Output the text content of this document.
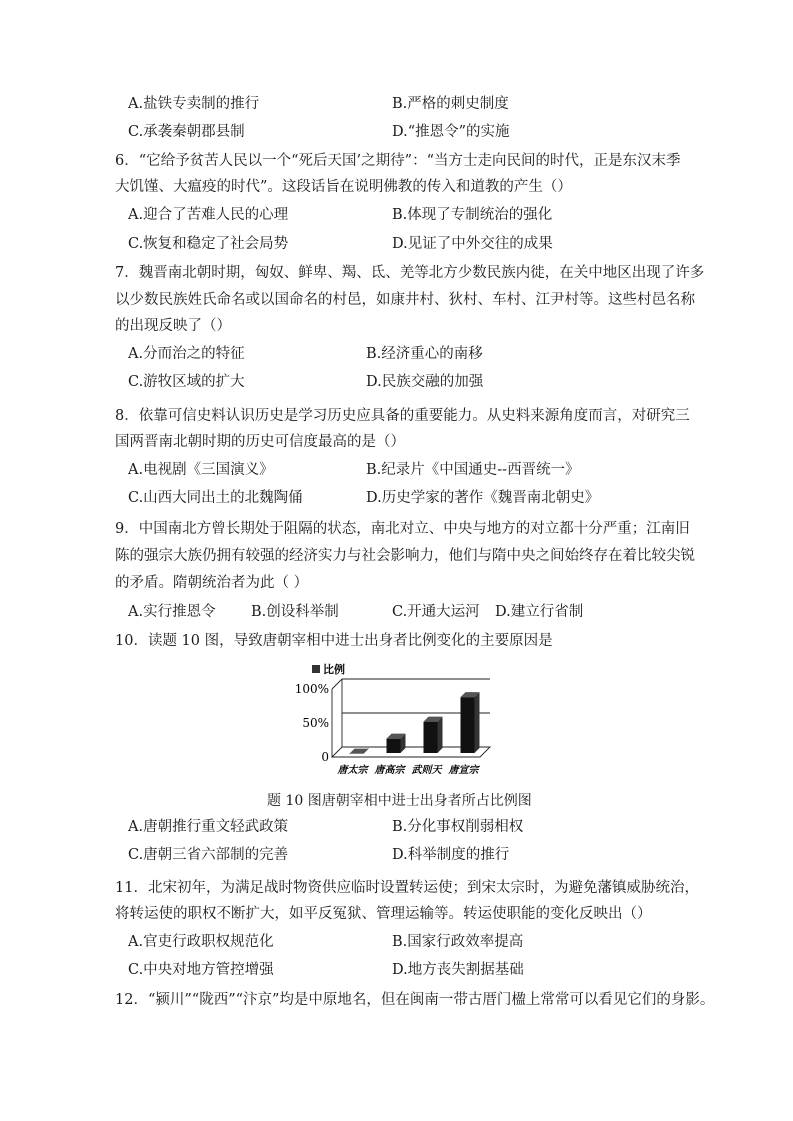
A.盐铁专卖制的推行	B.严格的刺史制度
C.承袭秦朝郡县制	D.“推恩令”的实施
6．“它给予贫苦人民以一个“死后天国’之期待”：“当方士走向民间的时代，正是东汉末季
大饥馑、大瘟疫的时代”。这段话旨在说明佛教的传入和道教的产生（）
A.迎合了苦难人民的心理	B.体现了专制统治的强化
C.恢复和稳定了社会局势	D.见证了中外交往的成果
7．魏晋南北朝时期，匈奴、鲜卑、羯、氐、羌等北方少数民族内徙，在关中地区出现了许多
以少数民族姓氏命名或以国命名的村邑，如康井村、狄村、车村、江尹村等。这些村邑名称
的出现反映了（）
A.分而治之的特征	B.经济重心的南移
C.游牧区域的扩大	D.民族交融的加强
8．依靠可信史料认识历史是学习历史应具备的重要能力。从史料来源角度而言，对研究三
国两晋南北朝时期的历史可信度最高的是（）
A.电视剧《三国演义》	B.纪录片《中国通史--西晋统一》
C.山西大同出土的北魏陶俑	D.历史学家的著作《魏晋南北朝史》
9．中国南北方曾长期处于阻隔的状态，南北对立、中央与地方的对立都十分严重；江南旧
陈的强宗大族仍拥有较强的经济实力与社会影响力，他们与隋中央之间始终存在着比较尖锐
的矛盾。隋朝统治者为此（ ）
A.实行推恩令 B.创设科举制	C.开通大运河 D.建立行省制
10．读题 10 图，导致唐朝宰相中进士出身者比例变化的主要原因是
比例
唐太宗 唐高宗 武则天 唐宣宗
0
50%
100%
题 10 图唐朝宰相中进士出身者所占比例图
A.唐朝推行重文轻武政策	B.分化事权削弱相权
C.唐朝三省六部制的完善	D.科举制度的推行
11．北宋初年，为满足战时物资供应临时设置转运使；到宋太宗时，为避免藩镇威胁统治，
将转运使的职权不断扩大，如平反冤狱、管理运输等。转运使职能的变化反映出（）
A.官吏行政职权规范化	B.国家行政效率提高
C.中央对地方管控增强	D.地方丧失割据基础
12．“颍川”“陇西”“汴京”均是中原地名，但在闽南一带古厝门楹上常常可以看见它们的身影。
